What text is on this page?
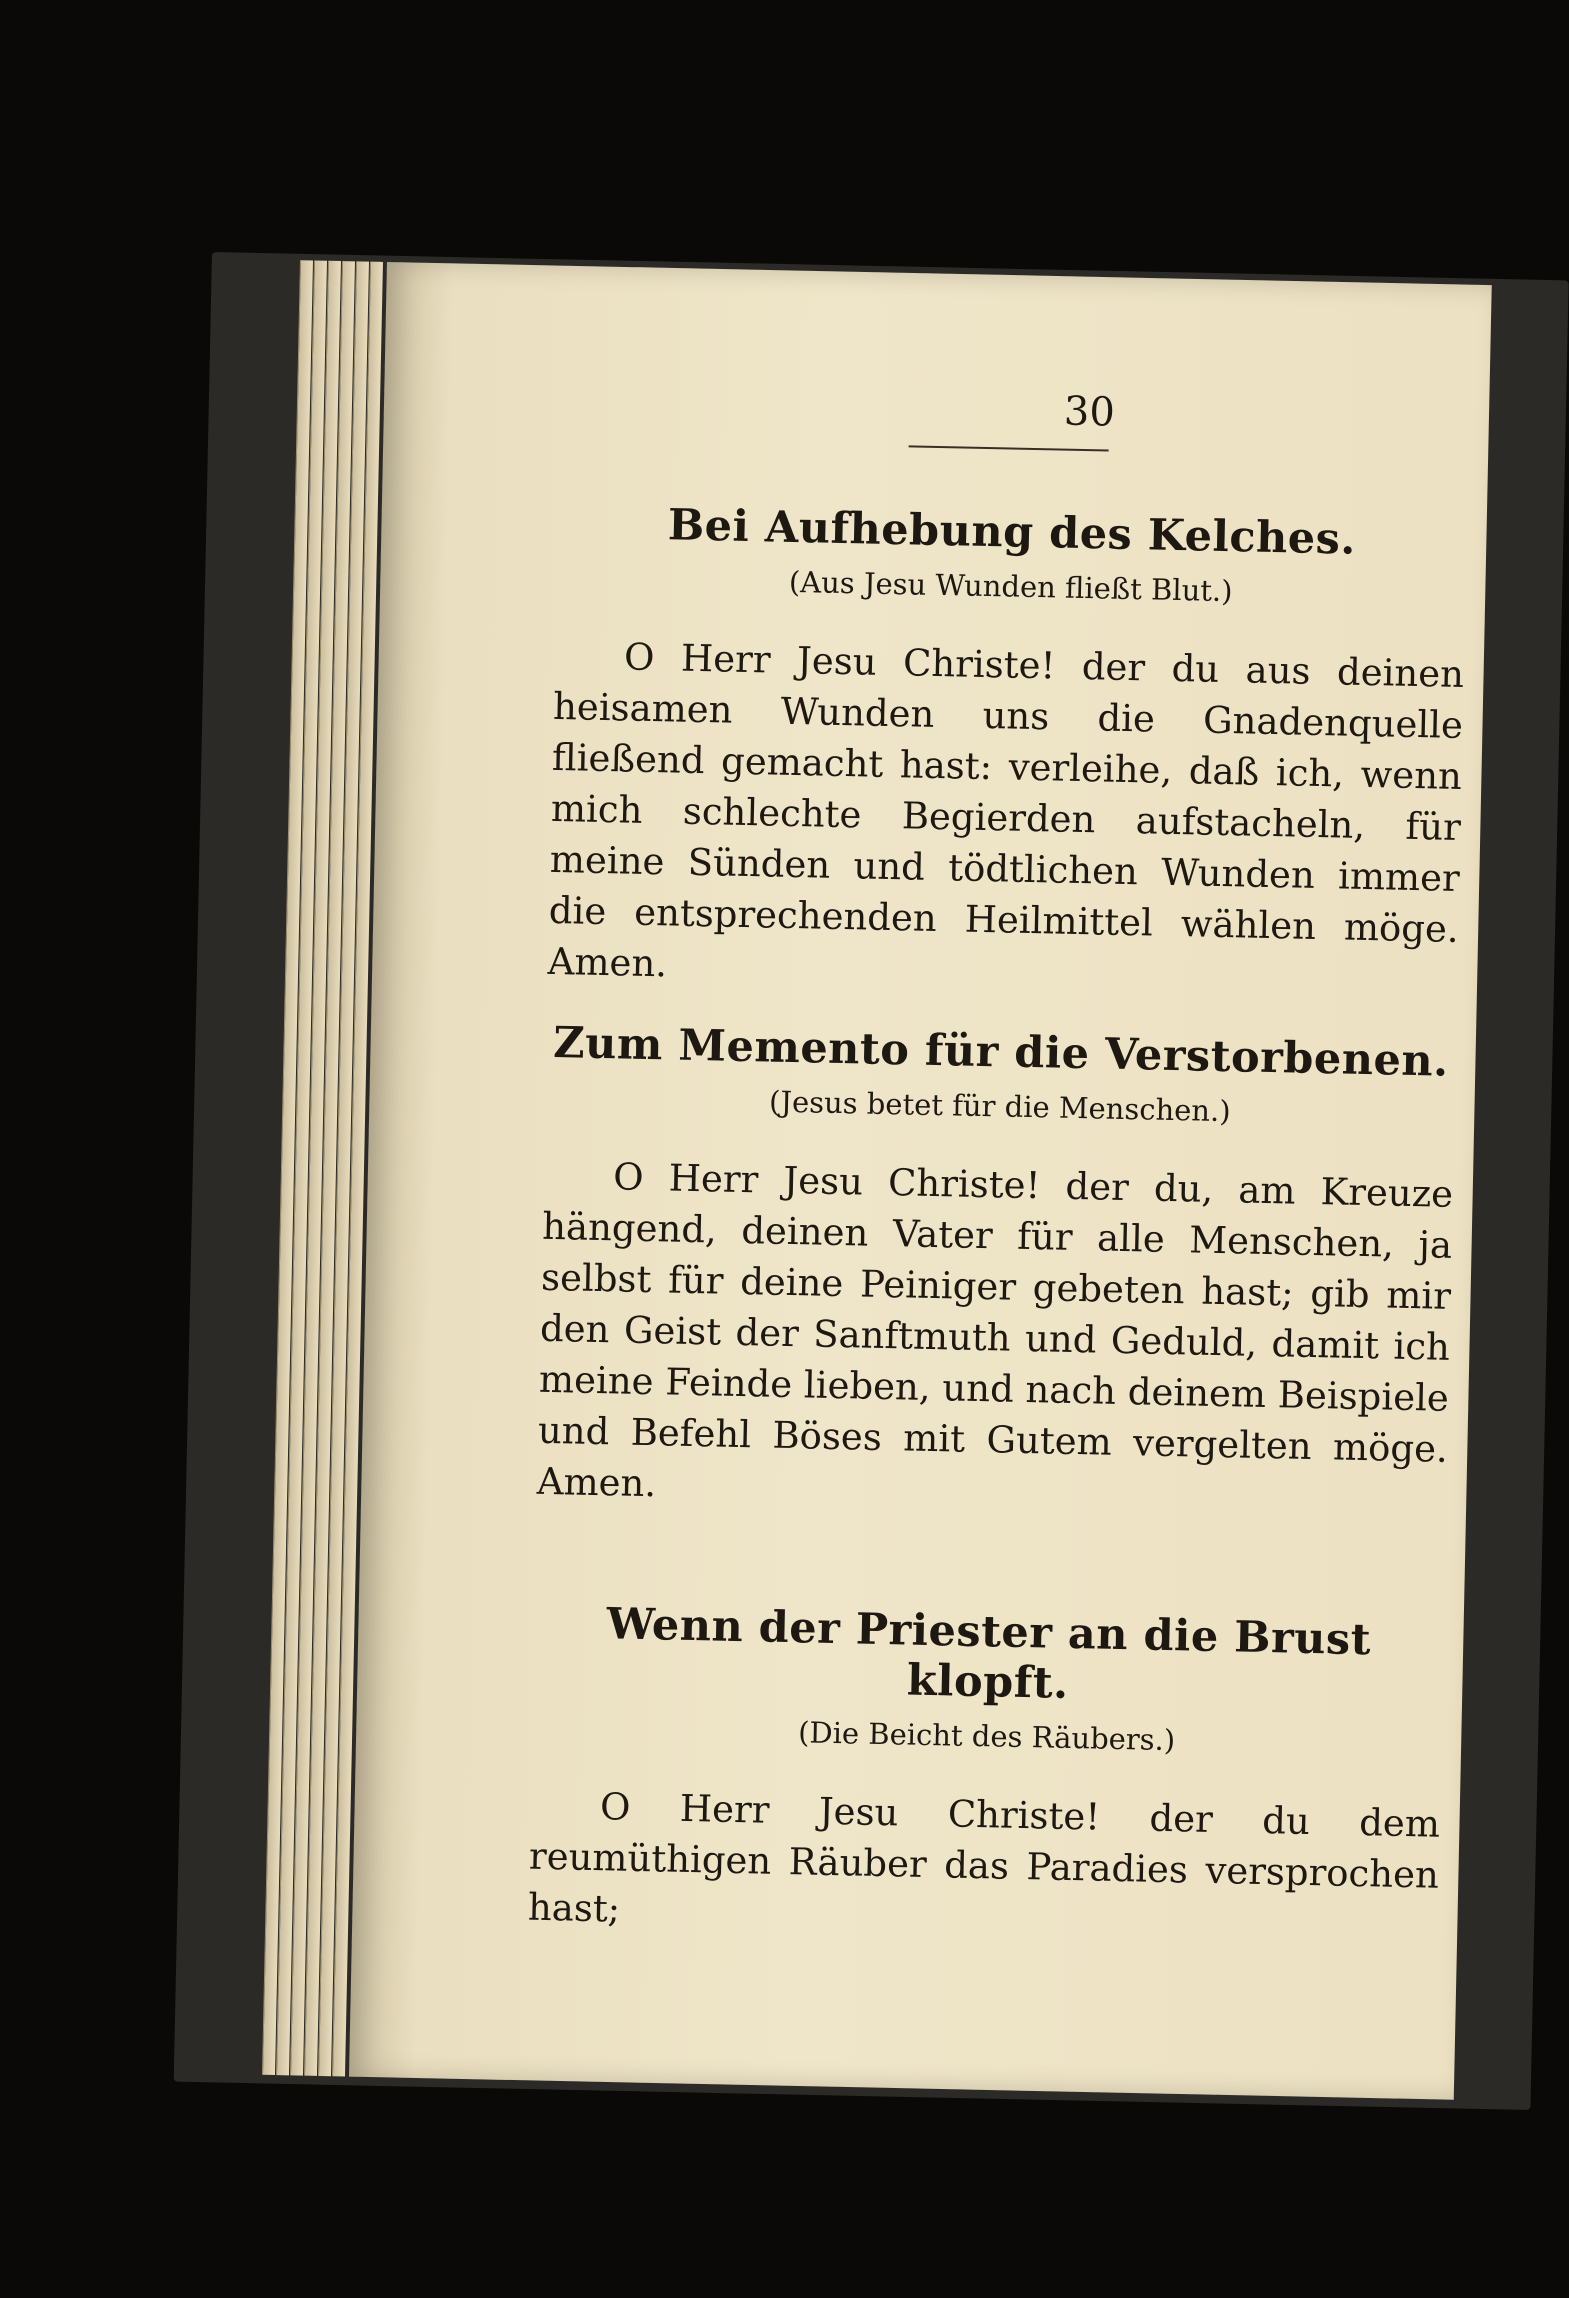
30
Bei Aufhebung des Kelches.

(Aus Jesu Wunden fließt Blut.)

O Herr Jesu Christe! der du aus deinen heisamen Wunden uns die Gnadenquelle fließend gemacht hast: verleihe, daß ich, wenn mich schlechte Begierden aufstacheln, für meine Sünden und tödtlichen Wunden immer die entsprechenden Heilmittel wählen möge. Amen.

Zum Memento für die Verstorbenen.

(Jesus betet für die Menschen.)

O Herr Jesu Christe! der du, am Kreuze hängend, deinen Vater für alle Menschen, ja selbst für deine Peiniger gebeten hast; gib mir den Geist der Sanftmuth und Geduld, damit ich meine Feinde lieben, und nach deinem Beispiele und Befehl Böses mit Gutem vergelten möge. Amen.

Wenn der Priester an die Brust klopft.

(Die Beicht des Räubers.)

O Herr Jesu Christe! der du dem reumüthigen Räuber das Paradies versprochen hast;
